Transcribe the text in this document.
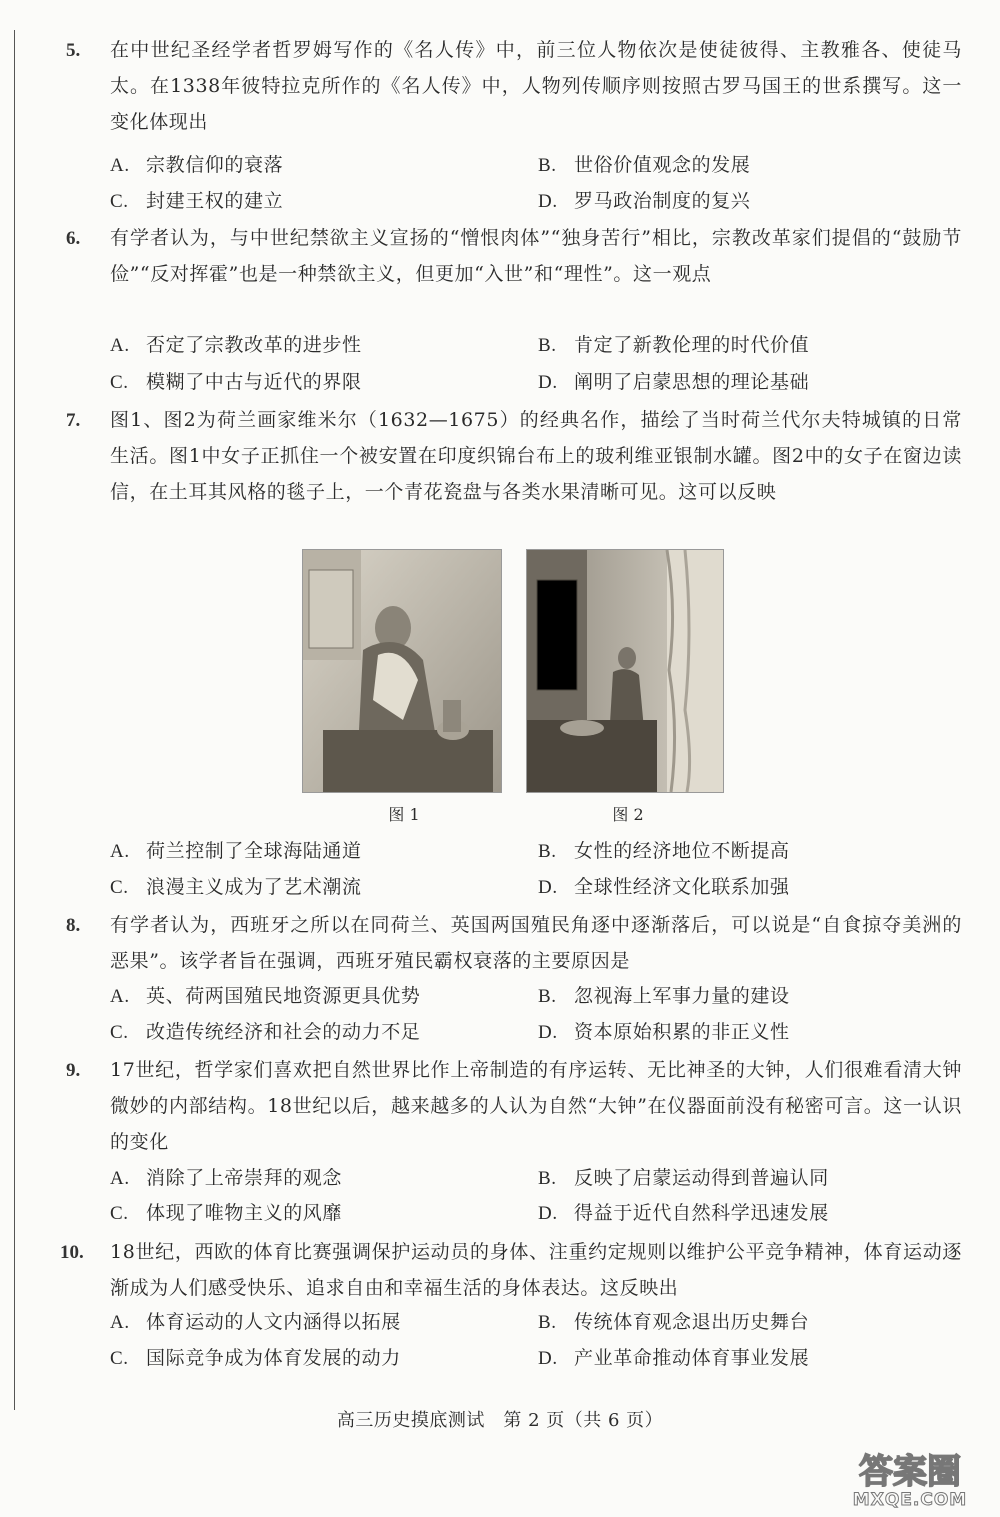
5. 在中世纪圣经学者哲罗姆写作的《名人传》中，前三位人物依次是使徒彼得、主教雅各、使徒马太。在1338年彼特拉克所作的《名人传》中，人物列传顺序则按照古罗马国王的世系撰写。这一变化体现出
A. 宗教信仰的衰落	B. 世俗价值观念的发展
C. 封建王权的建立	D. 罗马政治制度的复兴
6. 有学者认为，与中世纪禁欲主义宣扬的“憎恨肉体”“独身苦行”相比，宗教改革家们提倡的“鼓励节俭”“反对挥霍”也是一种禁欲主义，但更加“入世”和“理性”。这一观点
A. 否定了宗教改革的进步性	B. 肯定了新教伦理的时代价值
C. 模糊了中古与近代的界限	D. 阐明了启蒙思想的理论基础
7. 图1、图2为荷兰画家维米尔（1632—1675）的经典名作，描绘了当时荷兰代尔夫特城镇的日常生活。图1中女子正抓住一个被安置在印度织锦台布上的玻利维亚银制水罐。图2中的女子在窗边读信，在土耳其风格的毯子上，一个青花瓷盘与各类水果清晰可见。这可以反映
图 1	图 2
A. 荷兰控制了全球海陆通道	B. 女性的经济地位不断提高
C. 浪漫主义成为了艺术潮流	D. 全球性经济文化联系加强
8. 有学者认为，西班牙之所以在同荷兰、英国两国殖民角逐中逐渐落后，可以说是“自食掠夺美洲的恶果”。该学者旨在强调，西班牙殖民霸权衰落的主要原因是
A. 英、荷两国殖民地资源更具优势	B. 忽视海上军事力量的建设
C. 改造传统经济和社会的动力不足	D. 资本原始积累的非正义性
9. 17世纪，哲学家们喜欢把自然世界比作上帝制造的有序运转、无比神圣的大钟，人们很难看清大钟微妙的内部结构。18世纪以后，越来越多的人认为自然“大钟”在仪器面前没有秘密可言。这一认识的变化
A. 消除了上帝崇拜的观念	B. 反映了启蒙运动得到普遍认同
C. 体现了唯物主义的风靡	D. 得益于近代自然科学迅速发展
10. 18世纪，西欧的体育比赛强调保护运动员的身体、注重约定规则以维护公平竞争精神，体育运动逐渐成为人们感受快乐、追求自由和幸福生活的身体表达。这反映出
A. 体育运动的人文内涵得以拓展	B. 传统体育观念退出历史舞台
C. 国际竞争成为体育发展的动力	D. 产业革命推动体育事业发展
高三历史摸底测试　第 2 页（共 6 页）
答案圈
MXQE.COM
